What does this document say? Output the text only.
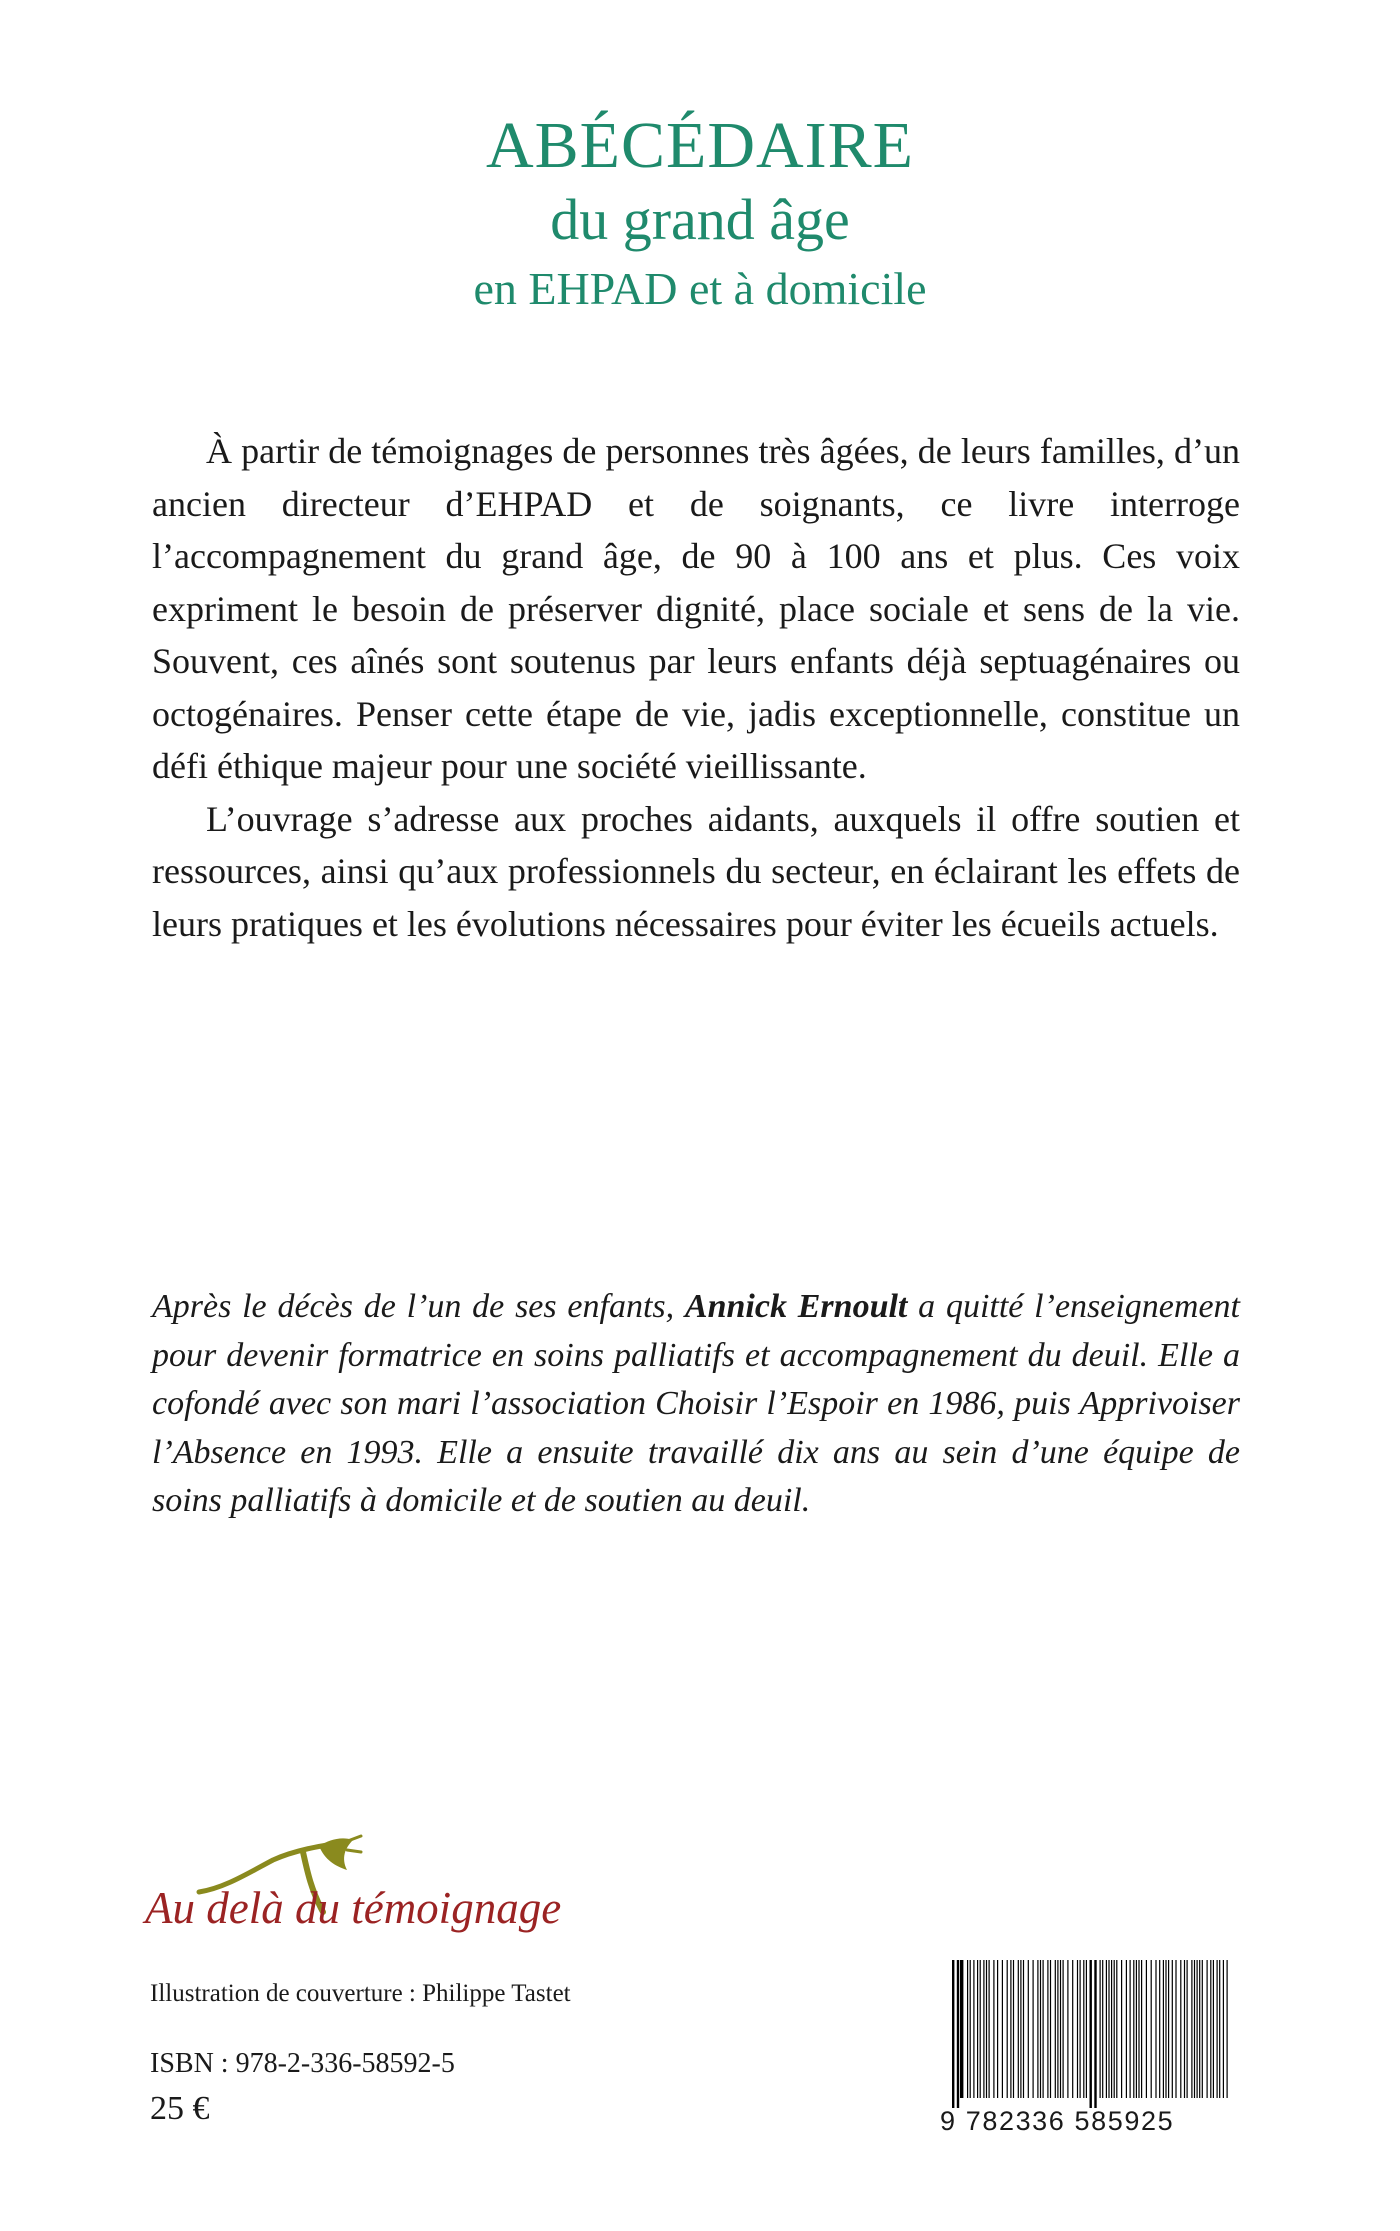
ABÉCÉDAIRE
du grand âge
en EHPAD et à domicile

À partir de témoignages de personnes très âgées, de leurs familles, d’un ancien directeur d’EHPAD et de soignants, ce livre interroge l’accompagnement du grand âge, de 90 à 100 ans et plus. Ces voix expriment le besoin de préserver dignité, place sociale et sens de la vie. Souvent, ces aînés sont soutenus par leurs enfants déjà septuagénaires ou octogénaires. Penser cette étape de vie, jadis exceptionnelle, constitue un défi éthique majeur pour une société vieillissante.

L’ouvrage s’adresse aux proches aidants, auxquels il offre soutien et ressources, ainsi qu’aux professionnels du secteur, en éclairant les effets de leurs pratiques et les évolutions nécessaires pour éviter les écueils actuels.

Après le décès de l’un de ses enfants, Annick Ernoult a quitté l’enseignement pour devenir formatrice en soins palliatifs et accompagnement du deuil. Elle a cofondé avec son mari l’association Choisir l’Espoir en 1986, puis Apprivoiser l’Absence en 1993. Elle a ensuite travaillé dix ans au sein d’une équipe de soins palliatifs à domicile et de soutien au deuil.

Au delà du témoignage
Illustration de couverture : Philippe Tastet
ISBN : 978-2-336-58592-5
25 €	9 782336 585925
